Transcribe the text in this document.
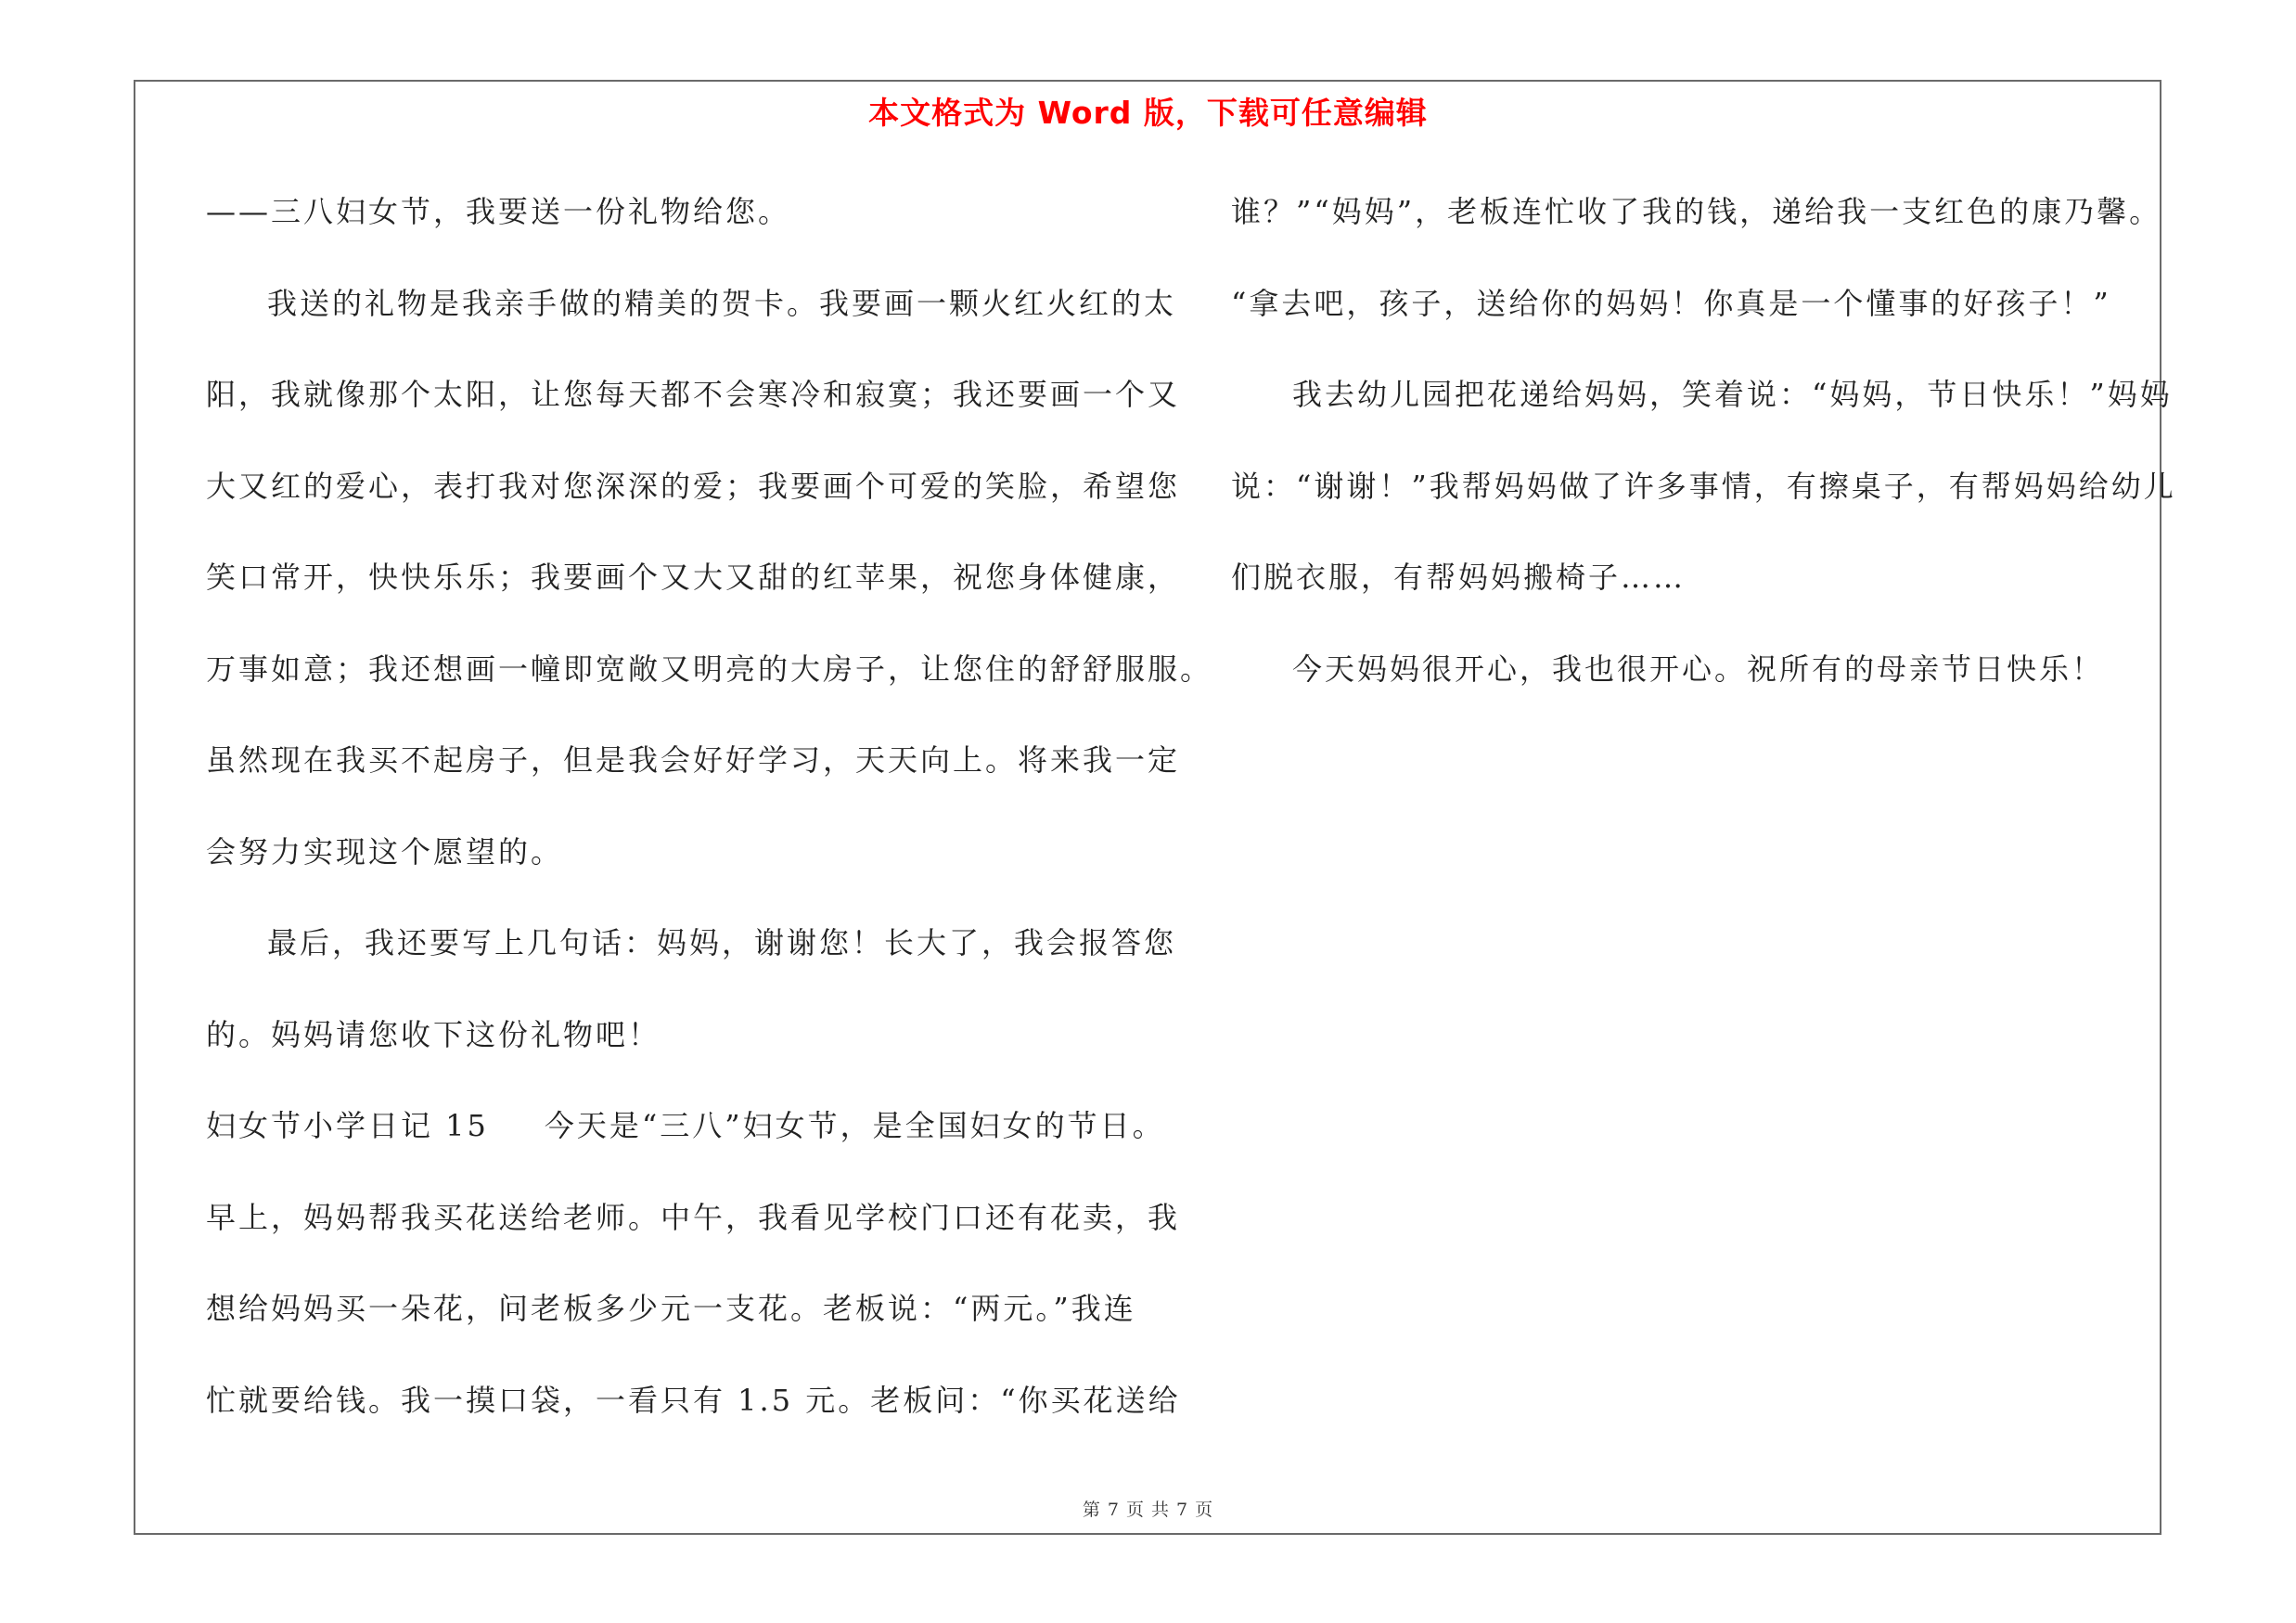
本文格式为 Word 版，下载可任意编辑
——三八妇女节，我要送一份礼物给您。
我送的礼物是我亲手做的精美的贺卡。我要画一颗火红火红的太
阳，我就像那个太阳，让您每天都不会寒冷和寂寞；我还要画一个又
大又红的爱心，表打我对您深深的爱；我要画个可爱的笑脸，希望您
笑口常开，快快乐乐；我要画个又大又甜的红苹果，祝您身体健康，
万事如意；我还想画一幢即宽敞又明亮的大房子，让您住的舒舒服服。
虽然现在我买不起房子，但是我会好好学习，天天向上。将来我一定
会努力实现这个愿望的。
最后，我还要写上几句话：妈妈，谢谢您！长大了，我会报答您
的。妈妈请您收下这份礼物吧！
妇女节小学日记 15 今天是“三八”妇女节，是全国妇女的节日。
早上，妈妈帮我买花送给老师。中午，我看见学校门口还有花卖，我
想给妈妈买一朵花，问老板多少元一支花。老板说：“两元。”我连
忙就要给钱。我一摸口袋，一看只有 1.5 元。老板问：“你买花送给
谁？”“妈妈”，老板连忙收了我的钱，递给我一支红色的康乃馨。
“拿去吧，孩子，送给你的妈妈！你真是一个懂事的好孩子！”
我去幼儿园把花递给妈妈，笑着说：“妈妈，节日快乐！”妈妈
说：“谢谢！”我帮妈妈做了许多事情，有擦桌子，有帮妈妈给幼儿
们脱衣服，有帮妈妈搬椅子……
今天妈妈很开心，我也很开心。祝所有的母亲节日快乐！
第 7 页 共 7 页
